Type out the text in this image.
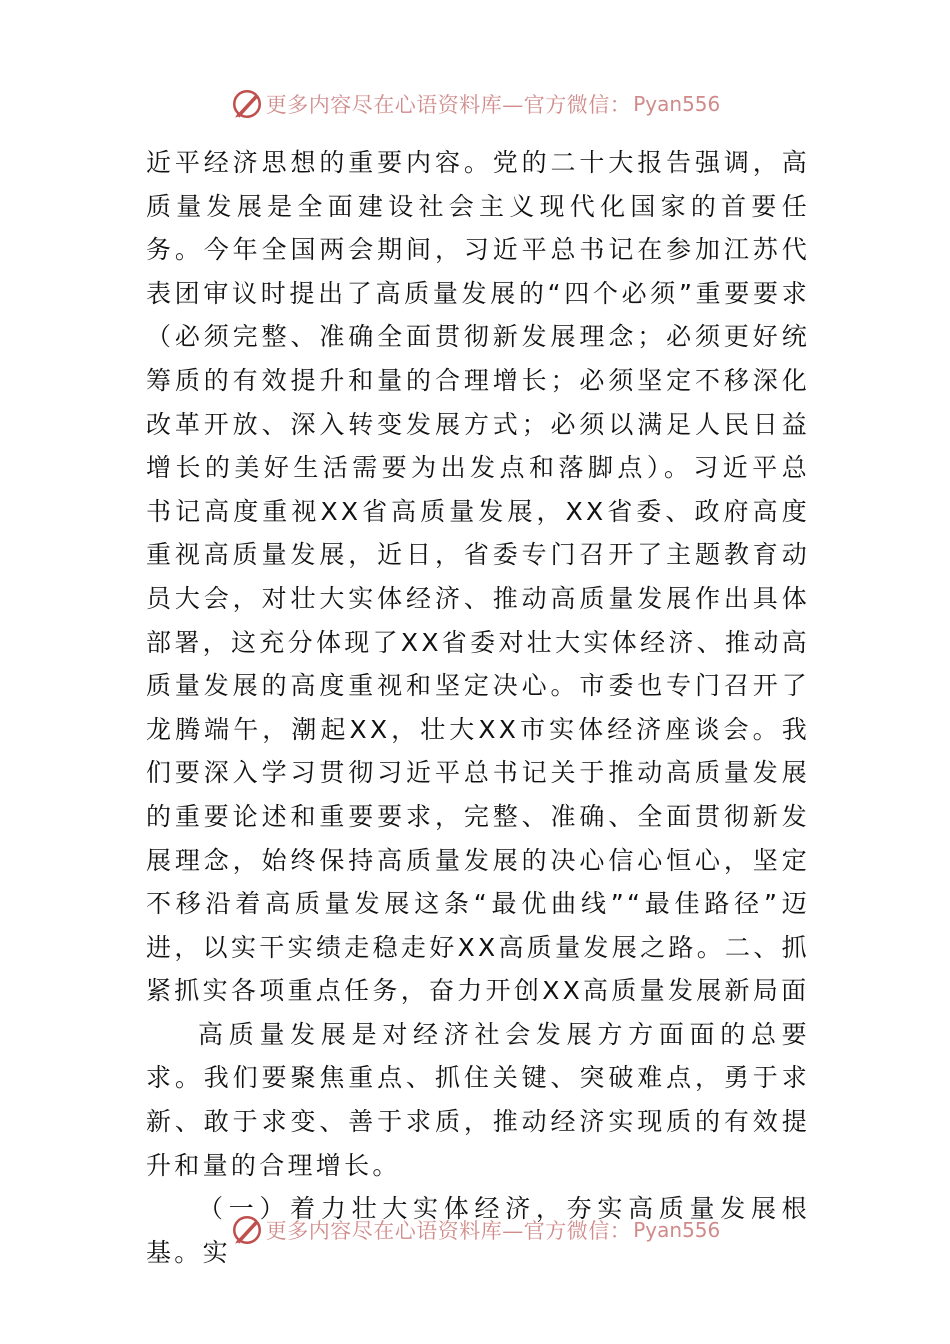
更多内容尽在心语资料库—官方微信： Pyan556

近平经济思想的重要内容。党的二十大报告强调，高质量发展是全面建设社会主义现代化国家的首要任务。今年全国两会期间，习近平总书记在参加江苏代表团审议时提出了高质量发展的“四个必须”重要要求（必须完整、准确全面贯彻新发展理念；必须更好统筹质的有效提升和量的合理增长；必须坚定不移深化改革开放、深入转变发展方式；必须以满足人民日益增长的美好生活需要为出发点和落脚点）。习近平总书记高度重视XX省高质量发展，XX省委、政府高度重视高质量发展，近日，省委专门召开了主题教育动员大会，对壮大实体经济、推动高质量发展作出具体部署，这充分体现了XX省委对壮大实体经济、推动高质量发展的高度重视和坚定决心。市委也专门召开了龙腾端午，潮起XX，壮大XX市实体经济座谈会。我们要深入学习贯彻习近平总书记关于推动高质量发展的重要论述和重要要求，完整、准确、全面贯彻新发展理念，始终保持高质量发展的决心信心恒心，坚定不移沿着高质量发展这条“最优曲线”“最佳路径”迈进，以实干实绩走稳走好XX高质量发展之路。二、抓紧抓实各项重点任务，奋力开创XX高质量发展新局面

高质量发展是对经济社会发展方方面面的总要求。我们要聚焦重点、抓住关键、突破难点，勇于求新、敢于求变、善于求质，推动经济实现质的有效提升和量的合理增长。

（一）着力壮大实体经济，夯实高质量发展根基。实

更多内容尽在心语资料库—官方微信： Pyan556
